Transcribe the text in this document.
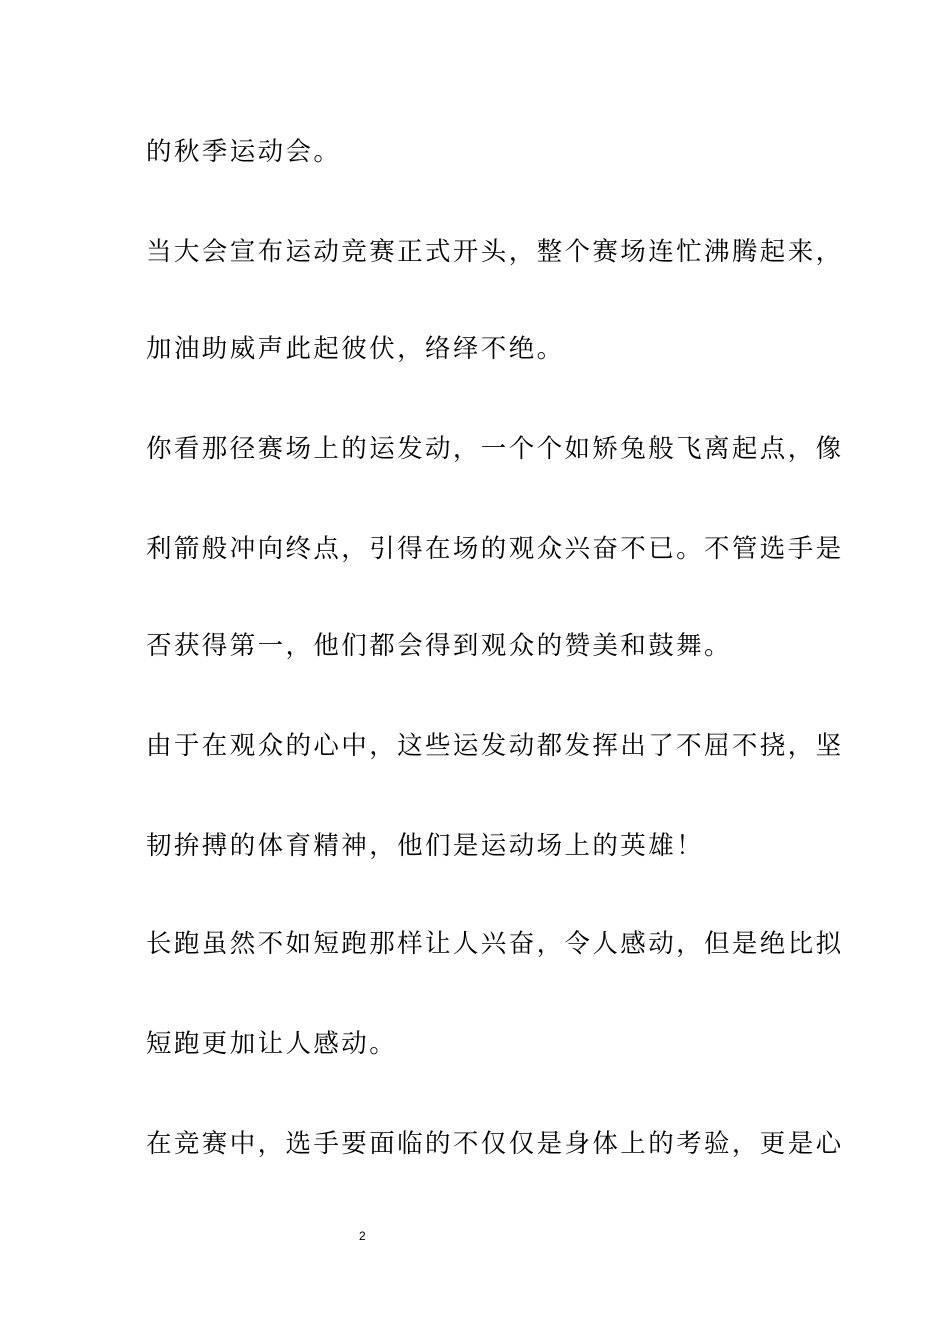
的秋季运动会。
当大会宣布运动竞赛正式开头，整个赛场连忙沸腾起来，
加油助威声此起彼伏，络绎不绝。
你看那径赛场上的运发动，一个个如矫兔般飞离起点，像
利箭般冲向终点，引得在场的观众兴奋不已。不管选手是
否获得第一，他们都会得到观众的赞美和鼓舞。
由于在观众的心中，这些运发动都发挥出了不屈不挠，坚
韧拚搏的体育精神，他们是运动场上的英雄！
长跑虽然不如短跑那样让人兴奋，令人感动，但是绝比拟
短跑更加让人感动。
在竞赛中，选手要面临的不仅仅是身体上的考验，更是心
2
